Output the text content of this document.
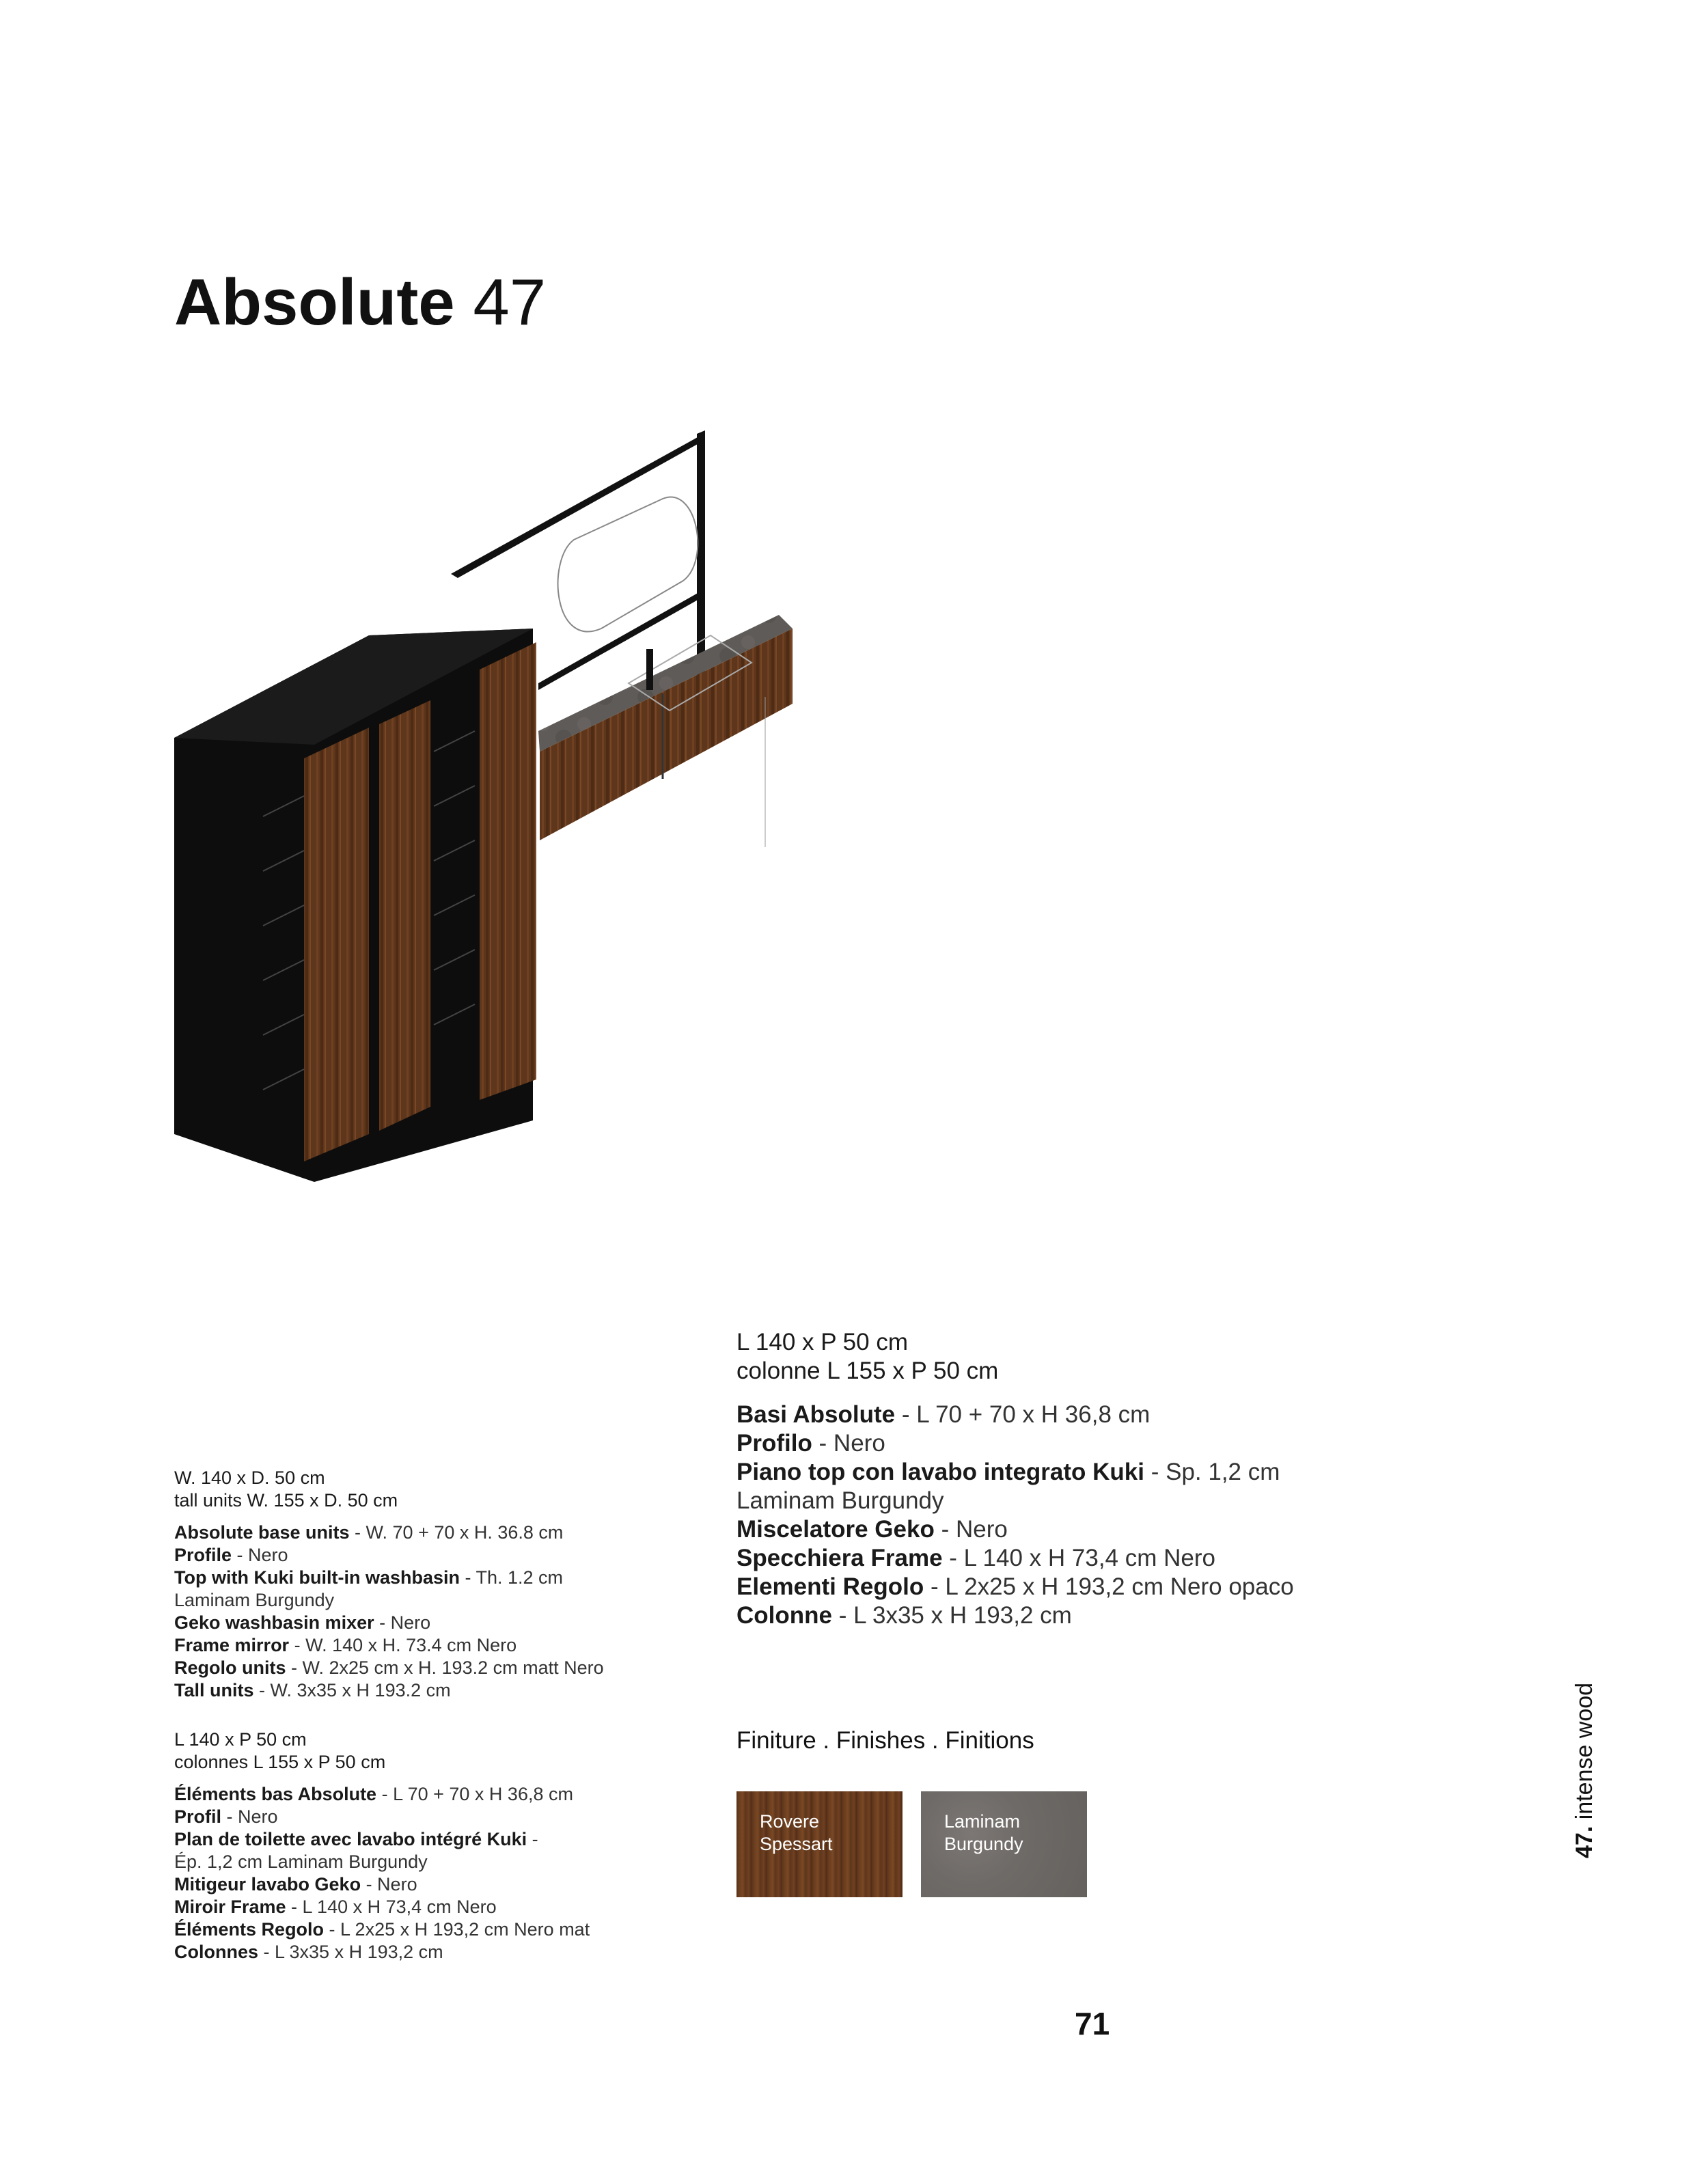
Absolute 47
W. 140 x D. 50 cm
tall units W. 155 x D. 50 cm
Absolute base units - W. 70 + 70 x H. 36.8 cm
Profile - Nero
Top with Kuki built-in washbasin - Th. 1.2 cm
Laminam Burgundy
Geko washbasin mixer - Nero
Frame mirror - W. 140 x H. 73.4 cm Nero
Regolo units - W. 2x25 cm x H. 193.2 cm matt Nero
Tall units - W. 3x35 x H 193.2 cm
L 140 x P 50 cm
colonnes L 155 x P 50 cm
Éléments bas Absolute - L 70 + 70 x H 36,8 cm
Profil - Nero
Plan de toilette avec lavabo intégré Kuki -
Ép. 1,2 cm Laminam Burgundy
Mitigeur lavabo Geko - Nero
Miroir Frame - L 140 x H 73,4 cm Nero
Éléments Regolo - L 2x25 x H 193,2 cm Nero mat
Colonnes - L 3x35 x H 193,2 cm
L 140 x P 50 cm
colonne L 155 x P 50 cm
Basi Absolute - L 70 + 70 x H 36,8 cm
Profilo - Nero
Piano top con lavabo integrato Kuki - Sp. 1,2 cm
Laminam Burgundy
Miscelatore Geko - Nero
Specchiera Frame - L 140 x H 73,4 cm Nero
Elementi Regolo - L 2x25 x H 193,2 cm Nero opaco
Colonne - L 3x35 x H 193,2 cm
Finiture . Finishes . Finitions
Rovere
Spessart
Laminam
Burgundy	47. intense wood
71
